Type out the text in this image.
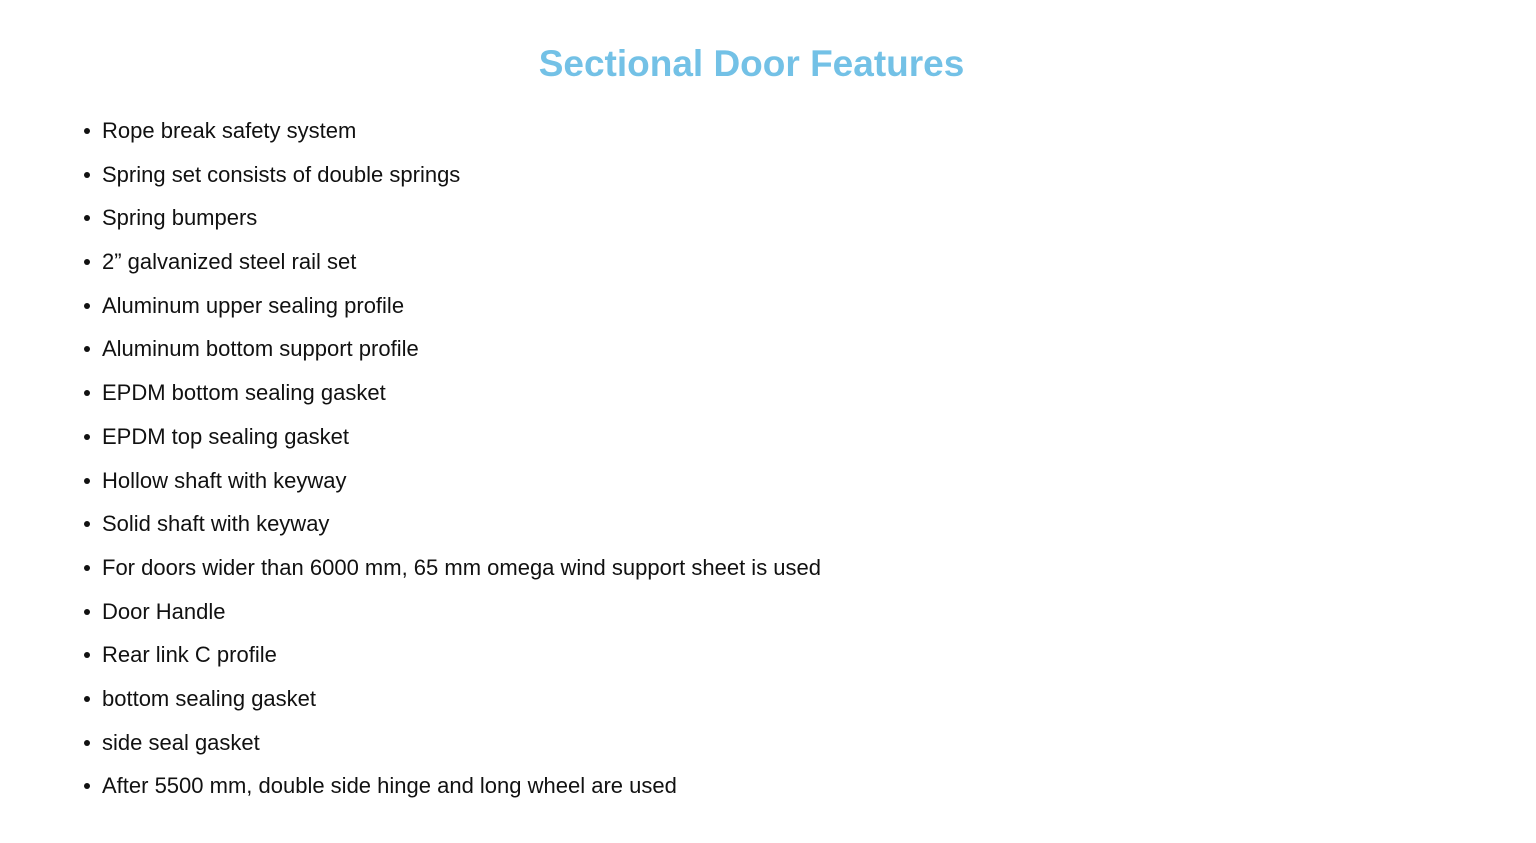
Sectional Door Features
Rope break safety system
Spring set consists of double springs
Spring bumpers
2” galvanized steel rail set
Aluminum upper sealing profile
Aluminum bottom support profile
EPDM bottom sealing gasket
EPDM top sealing gasket
Hollow shaft with keyway
Solid shaft with keyway
For doors wider than 6000 mm, 65 mm omega wind support sheet is used
Door Handle
Rear link C profile
bottom sealing gasket
side seal gasket
After 5500 mm, double side hinge and long wheel are used
